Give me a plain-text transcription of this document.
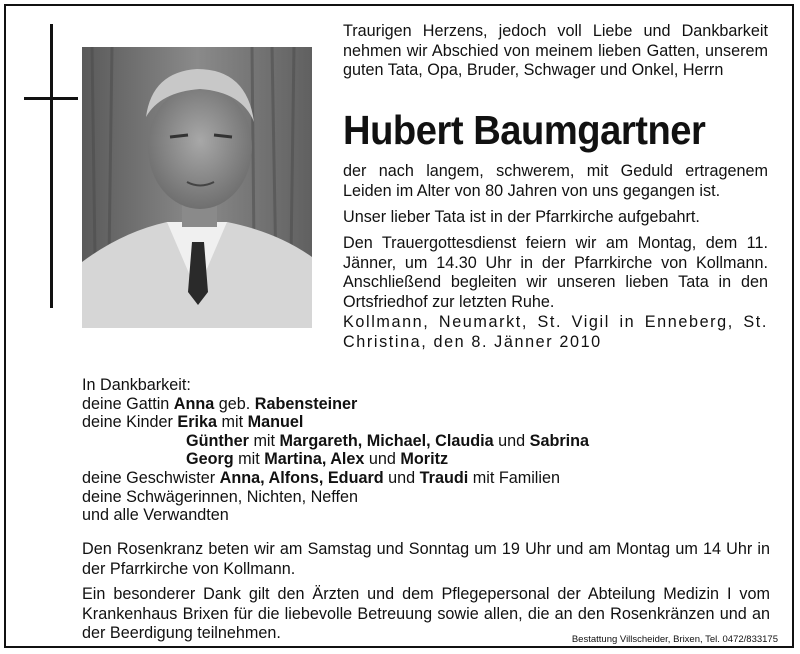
Traurigen Herzens, jedoch voll Liebe und Dankbarkeit nehmen wir Abschied von meinem lieben Gatten, unserem guten Tata, Opa, Bruder, Schwager und Onkel, Herrn

Hubert Baumgartner

der nach langem, schwerem, mit Geduld ertragenem Leiden im Alter von 80 Jahren von uns gegangen ist.

Unser lieber Tata ist in der Pfarrkirche aufgebahrt.

Den Trauergottesdienst feiern wir am Montag, dem 11. Jänner, um 14.30 Uhr in der Pfarrkirche von Kollmann. Anschließend begleiten wir unseren lieben Tata in den Ortsfriedhof zur letzten Ruhe.

Kollmann, Neumarkt, St. Vigil in Enneberg, St. Christina, den 8. Jänner 2010

In Dankbarkeit:
deine Gattin Anna geb. Rabensteiner
deine Kinder Erika mit Manuel
Günther mit Margareth, Michael, Claudia und Sabrina
Georg mit Martina, Alex und Moritz
deine Geschwister Anna, Alfons, Eduard und Traudi mit Familien
deine Schwägerinnen, Nichten, Neffen
und alle Verwandten

Den Rosenkranz beten wir am Samstag und Sonntag um 19 Uhr und am Montag um 14 Uhr in der Pfarrkirche von Kollmann.

Ein besonderer Dank gilt den Ärzten und dem Pflegepersonal der Abteilung Medizin I vom Krankenhaus Brixen für die liebevolle Betreuung sowie allen, die an den Rosenkränzen und an der Beerdigung teilnehmen.	Bestattung Villscheider, Brixen, Tel. 0472/833175
